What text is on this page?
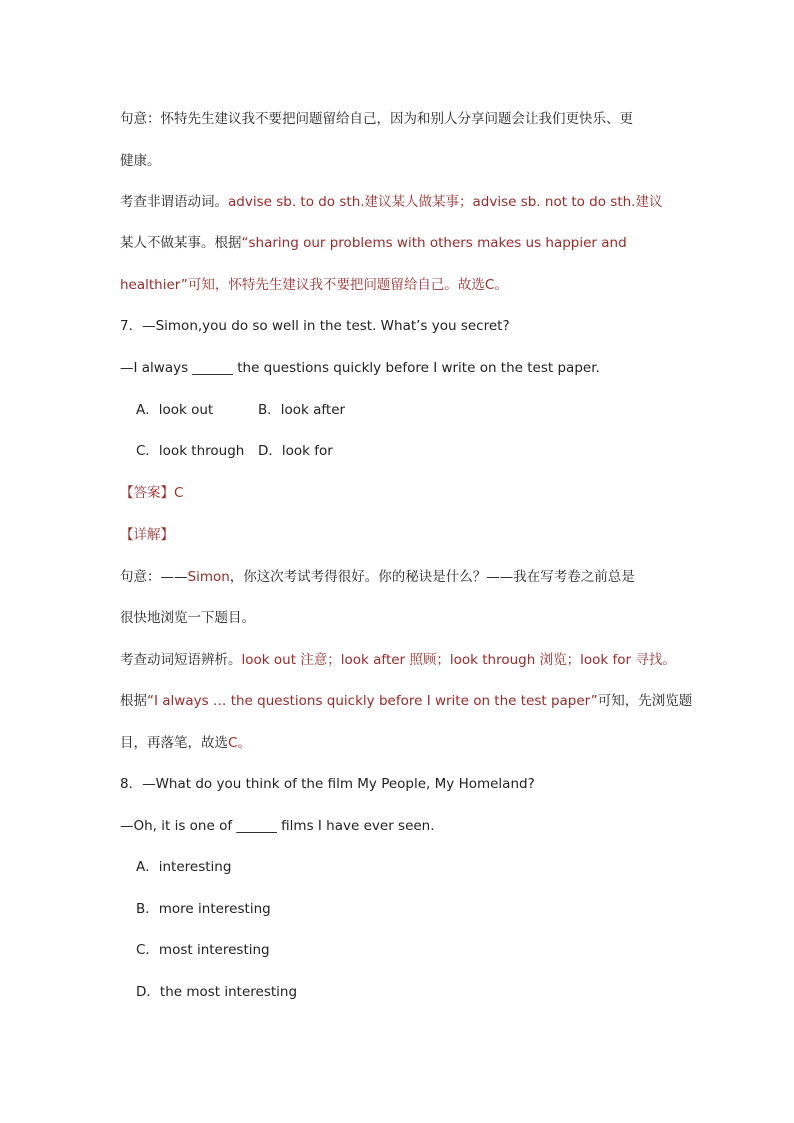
句意：怀特先生建议我不要把问题留给自己，因为和别人分享问题会让我们更快乐、更
健康。
考查非谓语动词。advise sb. to do sth.建议某人做某事；advise sb. not to do sth.建议
某人不做某事。根据“sharing our problems with others makes us happier and
healthier”可知，怀特先生建议我不要把问题留给自己。故选C。
7．—Simon,you do so well in the test. What’s you secret?
—I always ______ the questions quickly before I write on the test paper.
A．look out	B．look after
C．look through D．look for
【答案】C
【详解】
句意：——Simon，你这次考试考得很好。你的秘诀是什么？——我在写考卷之前总是
很快地浏览一下题目。
考查动词短语辨析。look out 注意；look after 照顾；look through 浏览；look for 寻找。
根据“I always … the questions quickly before I write on the test paper”可知，先浏览题
目，再落笔，故选C。
8．—What do you think of the film My People, My Homeland?
—Oh, it is one of ______ films I have ever seen.
A．interesting
B．more interesting
C．most interesting
D．the most interesting
